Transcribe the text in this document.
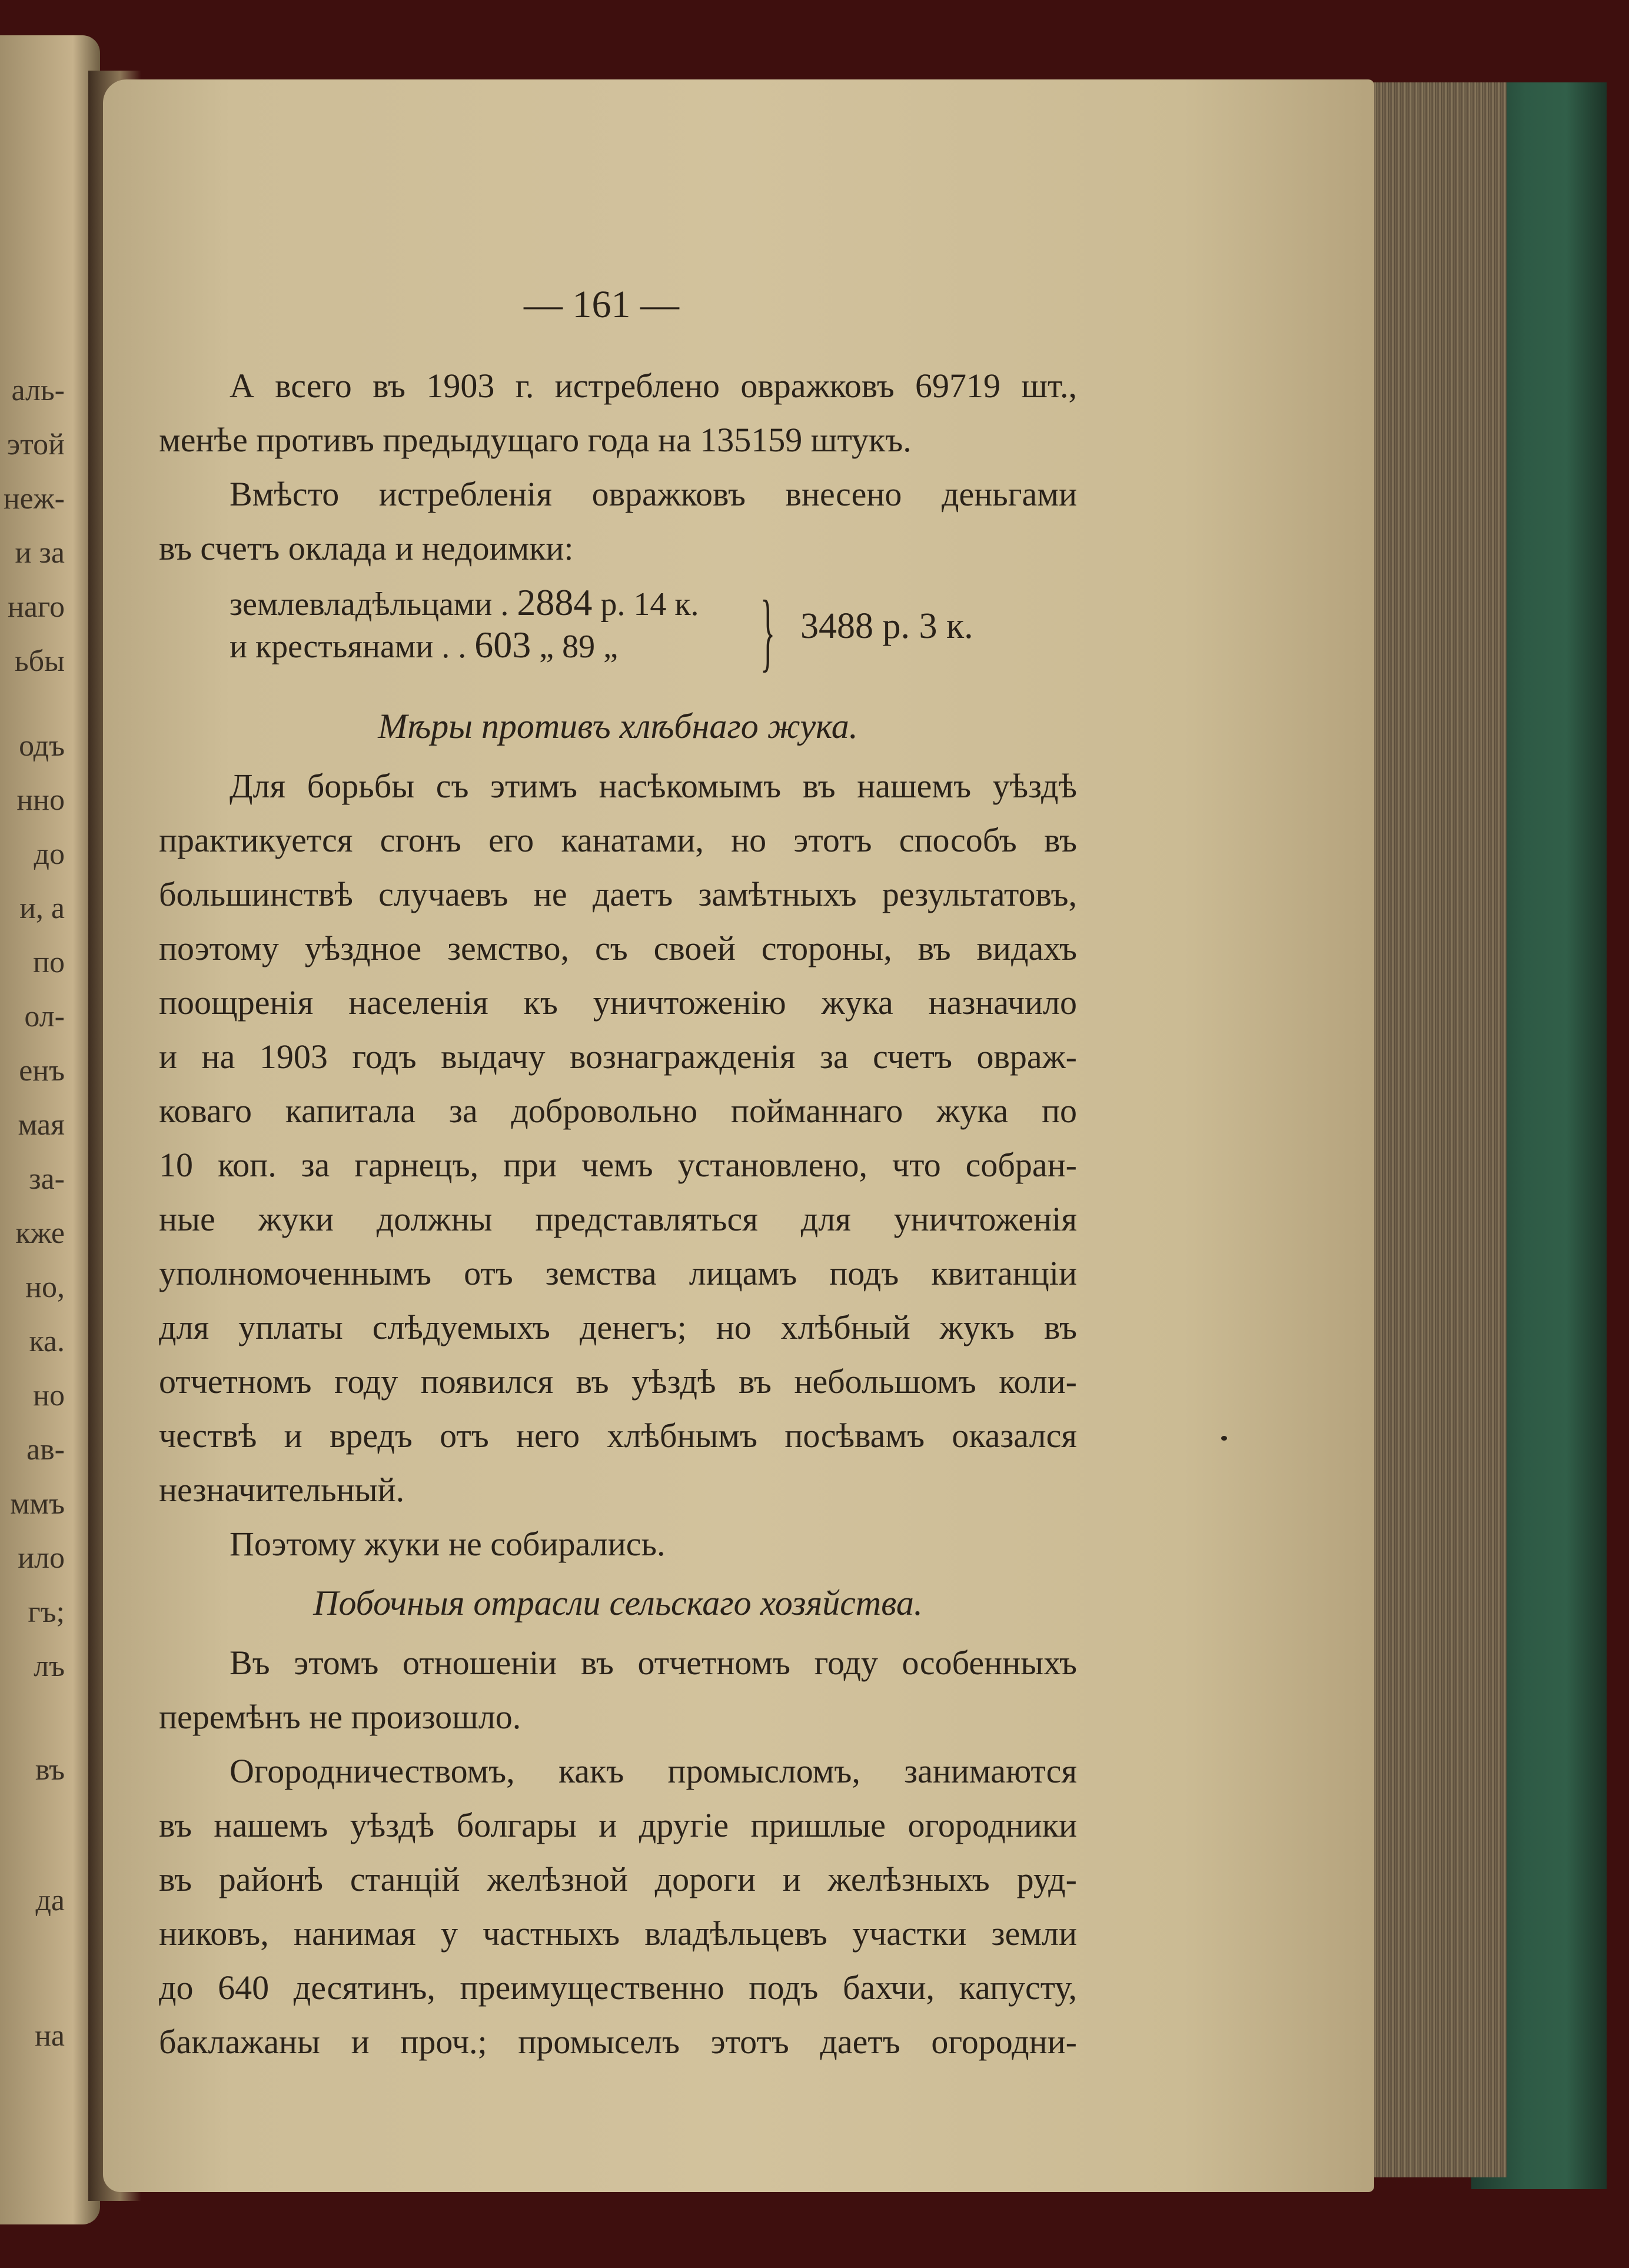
аль-
этой
неж-
и за
наго
ьбы
одъ
нно
до
и, а
по
ол-
енъ
мая
за-
кже
но,
ка.
но
ав-
ммъ
ило
гъ;
лъ
въ
да
на
— 161 —

А всего въ 1903 г. истреблено овражковъ 69719 шт.,
менѣе противъ предыдущаго года на 135159 штукъ.

Вмѣсто истребленія овражковъ внесено деньгами
въ счетъ оклада и недоимки:

землевладѣльцами . 2884 р. 14 к.
и крестьянами . . 603 „ 89 „ } 3488 р. 3 к.
Мѣры противъ хлѣбнаго жука.

Для борьбы съ этимъ насѣкомымъ въ нашемъ уѣздѣ
практикуется сгонъ его канатами, но этотъ способъ въ
большинствѣ случаевъ не даетъ замѣтныхъ результатовъ,
поэтому уѣздное земство, съ своей стороны, въ видахъ
поощренія населенія къ уничтоженію жука назначило
и на 1903 годъ выдачу вознагражденія за счетъ овраж-
коваго капитала за добровольно пойманнаго жука по
10 коп. за гарнецъ, при чемъ установлено, что собран-
ные жуки должны представляться для уничтоженія
уполномоченнымъ отъ земства лицамъ подъ квитанціи
для уплаты слѣдуемыхъ денегъ; но хлѣбный жукъ въ
отчетномъ году появился въ уѣздѣ въ небольшомъ коли-
чествѣ и вредъ отъ него хлѣбнымъ посѣвамъ оказался
незначительный.

Поэтому жуки не собирались.

Побочныя отрасли сельскаго хозяйства.

Въ этомъ отношеніи въ отчетномъ году особенныхъ
перемѣнъ не произошло.

Огородничествомъ, какъ промысломъ, занимаются
въ нашемъ уѣздѣ болгары и другіе пришлые огородники
въ районѣ станцій желѣзной дороги и желѣзныхъ руд-
никовъ, нанимая у частныхъ владѣльцевъ участки земли
до 640 десятинъ, преимущественно подъ бахчи, капусту,
баклажаны и проч.; промыселъ этотъ даетъ огородни-
